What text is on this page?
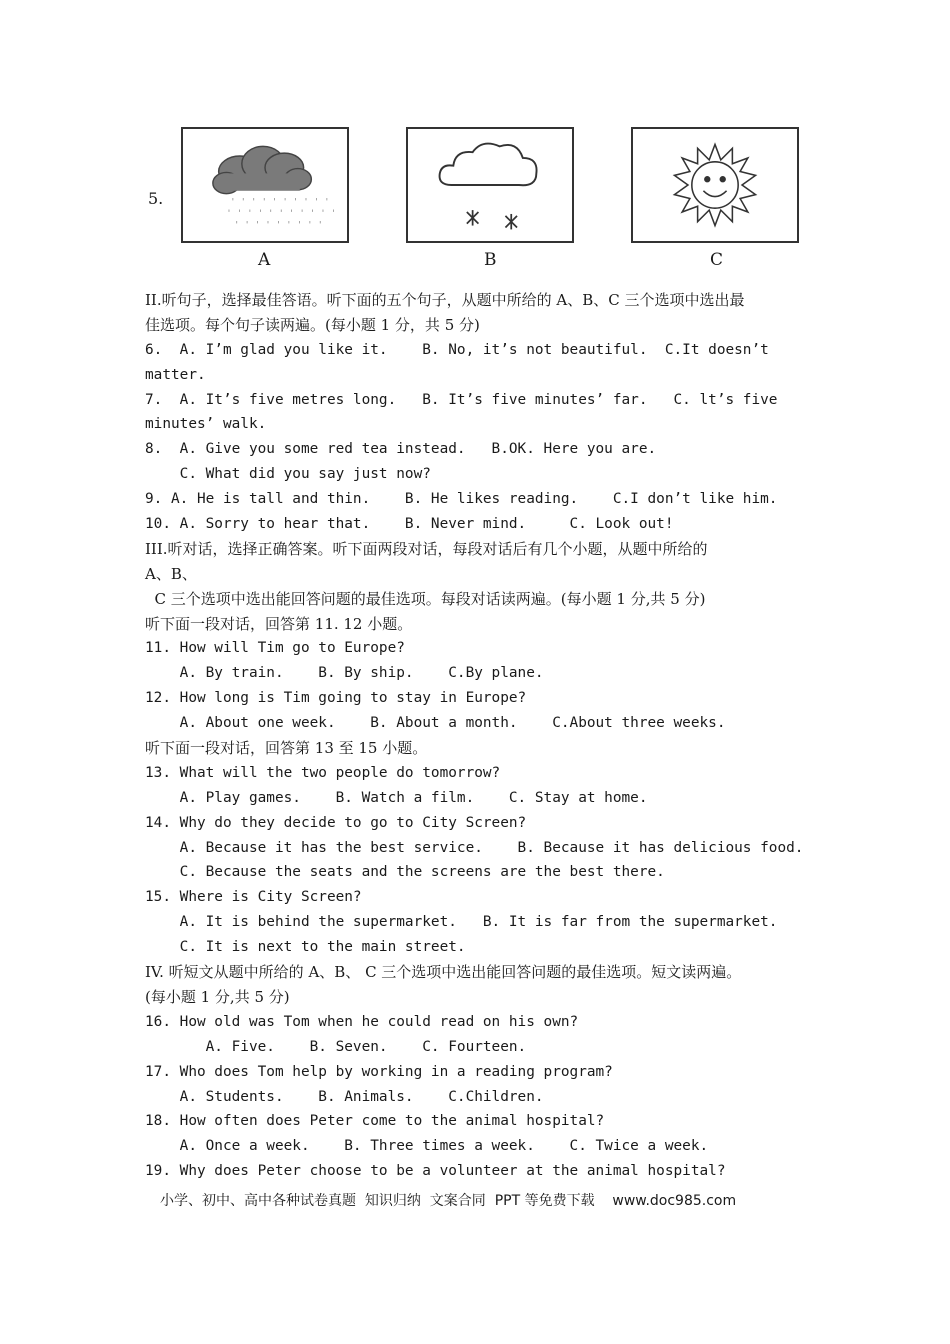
5.	' ' ' ' ' ' ' ' ' '
' ' ' ' ' ' ' ' ' ' '
' ' ' ' ' ' ' ' '
A	B	C
II.听句子，选择最佳答语。听下面的五个句子，从题中所给的 A、B、C 三个选项中选出最
佳选项。每个句子读两遍。(每小题 1 分，共 5 分)
6.  A. I’m glad you like it.    B. No, it’s not beautiful.  C.It doesn’t
matter.
7.  A. It’s five metres long.   B. It’s five minutes’ far.   C. lt’s five
minutes’ walk.
8.  A. Give you some red tea instead.   B.OK. Here you are.
C. What did you say just now?
9. A. He is tall and thin.    B. He likes reading.    C.I don’t like him.
10. A. Sorry to hear that.    B. Never mind.     C. Look out!
III.听对话，选择正确答案。听下面两段对话，每段对话后有几个小题，从题中所给的
A、B、
C 三个选项中选出能回答问题的最佳选项。每段对话读两遍。(每小题 1 分,共 5 分)
听下面一段对话，回答第 11. 12 小题。
11. How will Tim go to Europe?
A. By train.    B. By ship.    C.By plane.
12. How long is Tim going to stay in Europe?
A. About one week.    B. About a month.    C.About three weeks.
听下面一段对话，回答第 13 至 15 小题。
13. What will the two people do tomorrow?
A. Play games.    B. Watch a film.    C. Stay at home.
14. Why do they decide to go to City Screen?
A. Because it has the best service.    B. Because it has delicious food.
C. Because the seats and the screens are the best there.
15. Where is City Screen?
A. It is behind the supermarket.   B. It is far from the supermarket.
C. It is next to the main street.
IV. 听短文从题中所给的 A、B、 C 三个选项中选出能回答问题的最佳选项。短文读两遍。
(每小题 1 分,共 5 分)
16. How old was Tom when he could read on his own?
A. Five.    B. Seven.    C. Fourteen.
17. Who does Tom help by working in a reading program?
A. Students.    B. Animals.    C.Children.
18. How often does Peter come to the animal hospital?
A. Once a week.    B. Three times a week.    C. Twice a week.
19. Why does Peter choose to be a volunteer at the animal hospital?
小学、初中、高中各种试卷真题  知识归纳  文案合同  PPT 等免费下载    www.doc985.com
